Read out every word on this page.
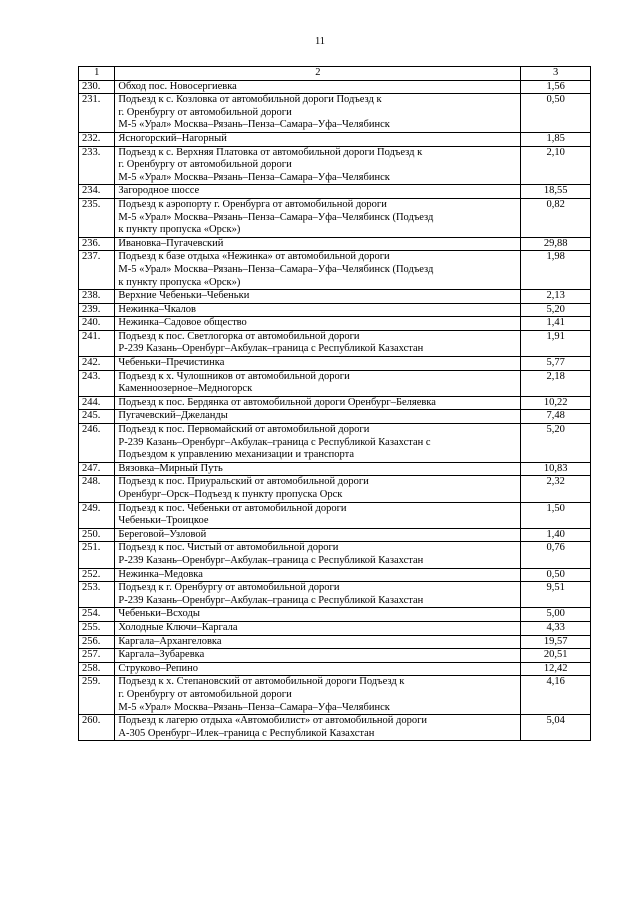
11
1	2	3
230.	Обход пос. Новосергиевка	1,56
231.	Подъезд к с. Козловка от автомобильной дороги Подъезд к
г. Оренбургу от автомобильной дороги
М-5 «Урал» Москва–Рязань–Пенза–Самара–Уфа–Челябинск	0,50
232.	Ясногорский–Нагорный	1,85
233.	Подъезд к с. Верхняя Платовка от автомобильной дороги Подъезд к
г. Оренбургу от автомобильной дороги
М-5 «Урал» Москва–Рязань–Пенза–Самара–Уфа–Челябинск	2,10
234.	Загородное шоссе	18,55
235.	Подъезд к аэропорту г. Оренбурга от автомобильной дороги
М-5 «Урал» Москва–Рязань–Пенза–Самара–Уфа–Челябинск (Подъезд
к пункту пропуска «Орск»)	0,82
236.	Ивановка–Пугачевский	29,88
237.	Подъезд к базе отдыха «Нежинка» от автомобильной дороги
М-5 «Урал» Москва–Рязань–Пенза–Самара–Уфа–Челябинск (Подъезд
к пункту пропуска «Орск»)	1,98
238.	Верхние Чебеньки–Чебеньки	2,13
239.	Нежинка–Чкалов	5,20
240.	Нежинка–Садовое общество	1,41
241.	Подъезд к пос. Светлогорка от автомобильной дороги
Р-239 Казань–Оренбург–Акбулак–граница с Республикой Казахстан	1,91
242.	Чебеньки–Пречистинка	5,77
243.	Подъезд к х. Чулошников от автомобильной дороги
Каменноозерное–Медногорск	2,18
244.	Подъезд к пос. Бердянка от автомобильной дороги Оренбург–Беляевка	10,22
245.	Пугачевский–Джеланды	7,48
246.	Подъезд к пос. Первомайский от автомобильной дороги
Р-239 Казань–Оренбург–Акбулак–граница с Республикой Казахстан с
Подъездом к управлению механизации и транспорта	5,20
247.	Вязовка–Мирный Путь	10,83
248.	Подъезд к пос. Приуральский от автомобильной дороги
Оренбург–Орск–Подъезд к пункту пропуска Орск	2,32
249.	Подъезд к пос. Чебеньки от автомобильной дороги
Чебеньки–Троицкое	1,50
250.	Береговой–Узловой	1,40
251.	Подъезд к пос. Чистый от автомобильной дороги
Р-239 Казань–Оренбург–Акбулак–граница с Республикой Казахстан	0,76
252.	Нежинка–Медовка	0,50
253.	Подъезд к г. Оренбургу от автомобильной дороги
Р-239 Казань–Оренбург–Акбулак–граница с Республикой Казахстан	9,51
254.	Чебеньки–Всходы	5,00
255.	Холодные Ключи–Каргала	4,33
256.	Каргала–Архангеловка	19,57
257.	Каргала–Зубаревка	20,51
258.	Струково–Репино	12,42
259.	Подъезд к х. Степановский от автомобильной дороги Подъезд к
г. Оренбургу от автомобильной дороги
М-5 «Урал» Москва–Рязань–Пенза–Самара–Уфа–Челябинск	4,16
260.	Подъезд к лагерю отдыха «Автомобилист» от автомобильной дороги
А-305 Оренбург–Илек–граница с Республикой Казахстан	5,04
